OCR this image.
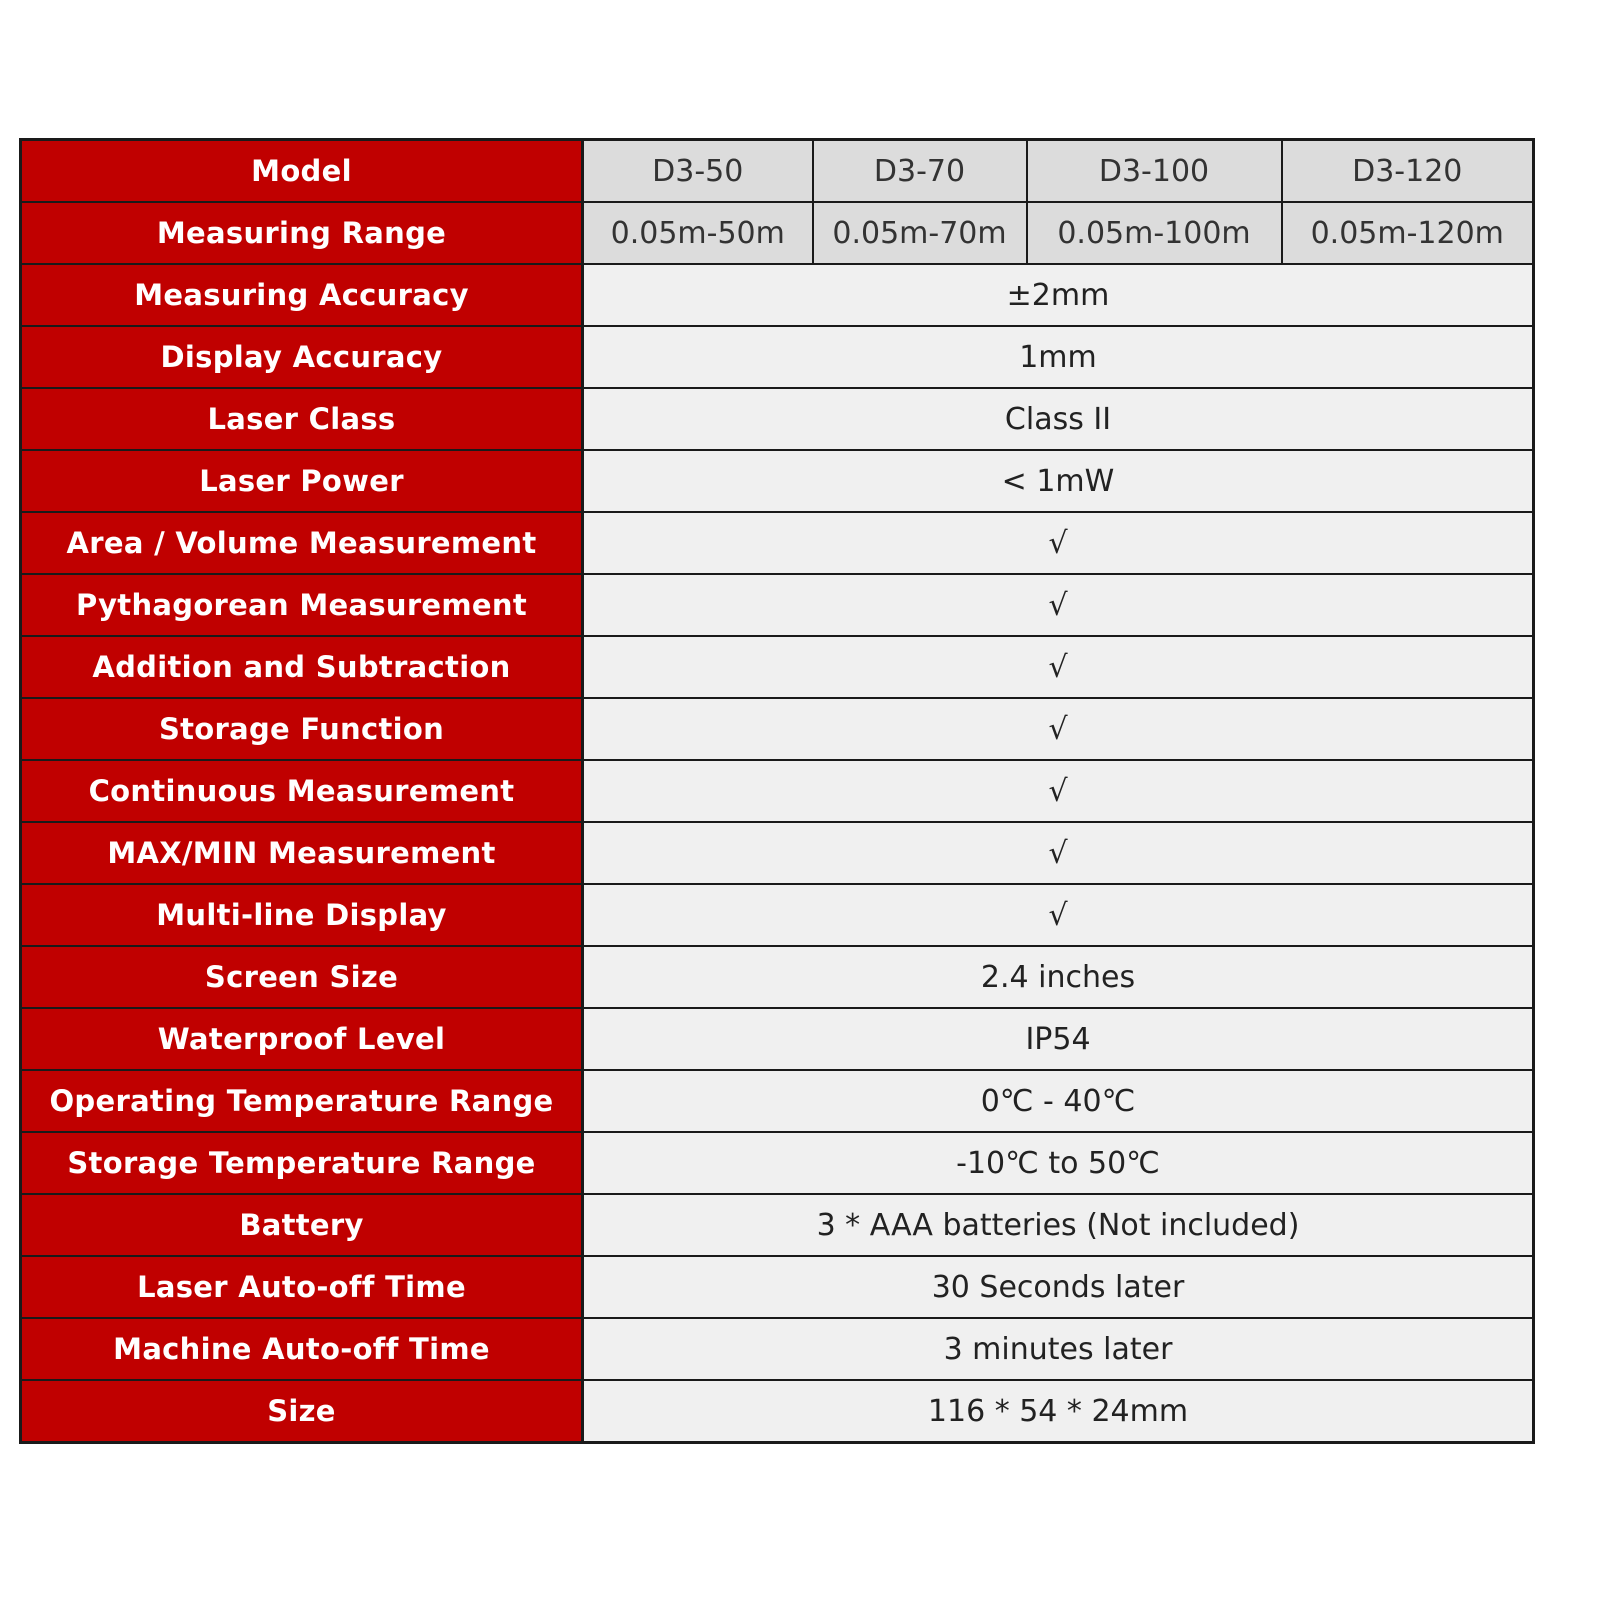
Model	D3-50	D3-70	D3-100	D3-120
Measuring Range	0.05m-50m	0.05m-70m	0.05m-100m	0.05m-120m
Measuring Accuracy	±2mm			
Display Accuracy	1mm			
Laser Class	Class II			
Laser Power	< 1mW			
Area / Volume Measurement	√			
Pythagorean Measurement	√			
Addition and Subtraction	√			
Storage Function	√			
Continuous Measurement	√			
MAX/MIN Measurement	√			
Multi-line Display	√			
Screen Size	2.4 inches			
Waterproof Level	IP54			
Operating Temperature Range	0℃ - 40℃			
Storage Temperature Range	-10℃ to 50℃			
Battery	3 * AAA batteries (Not included)			
Laser Auto-off Time	30 Seconds later			
Machine Auto-off Time	3 minutes later			
Size	116 * 54 * 24mm			
